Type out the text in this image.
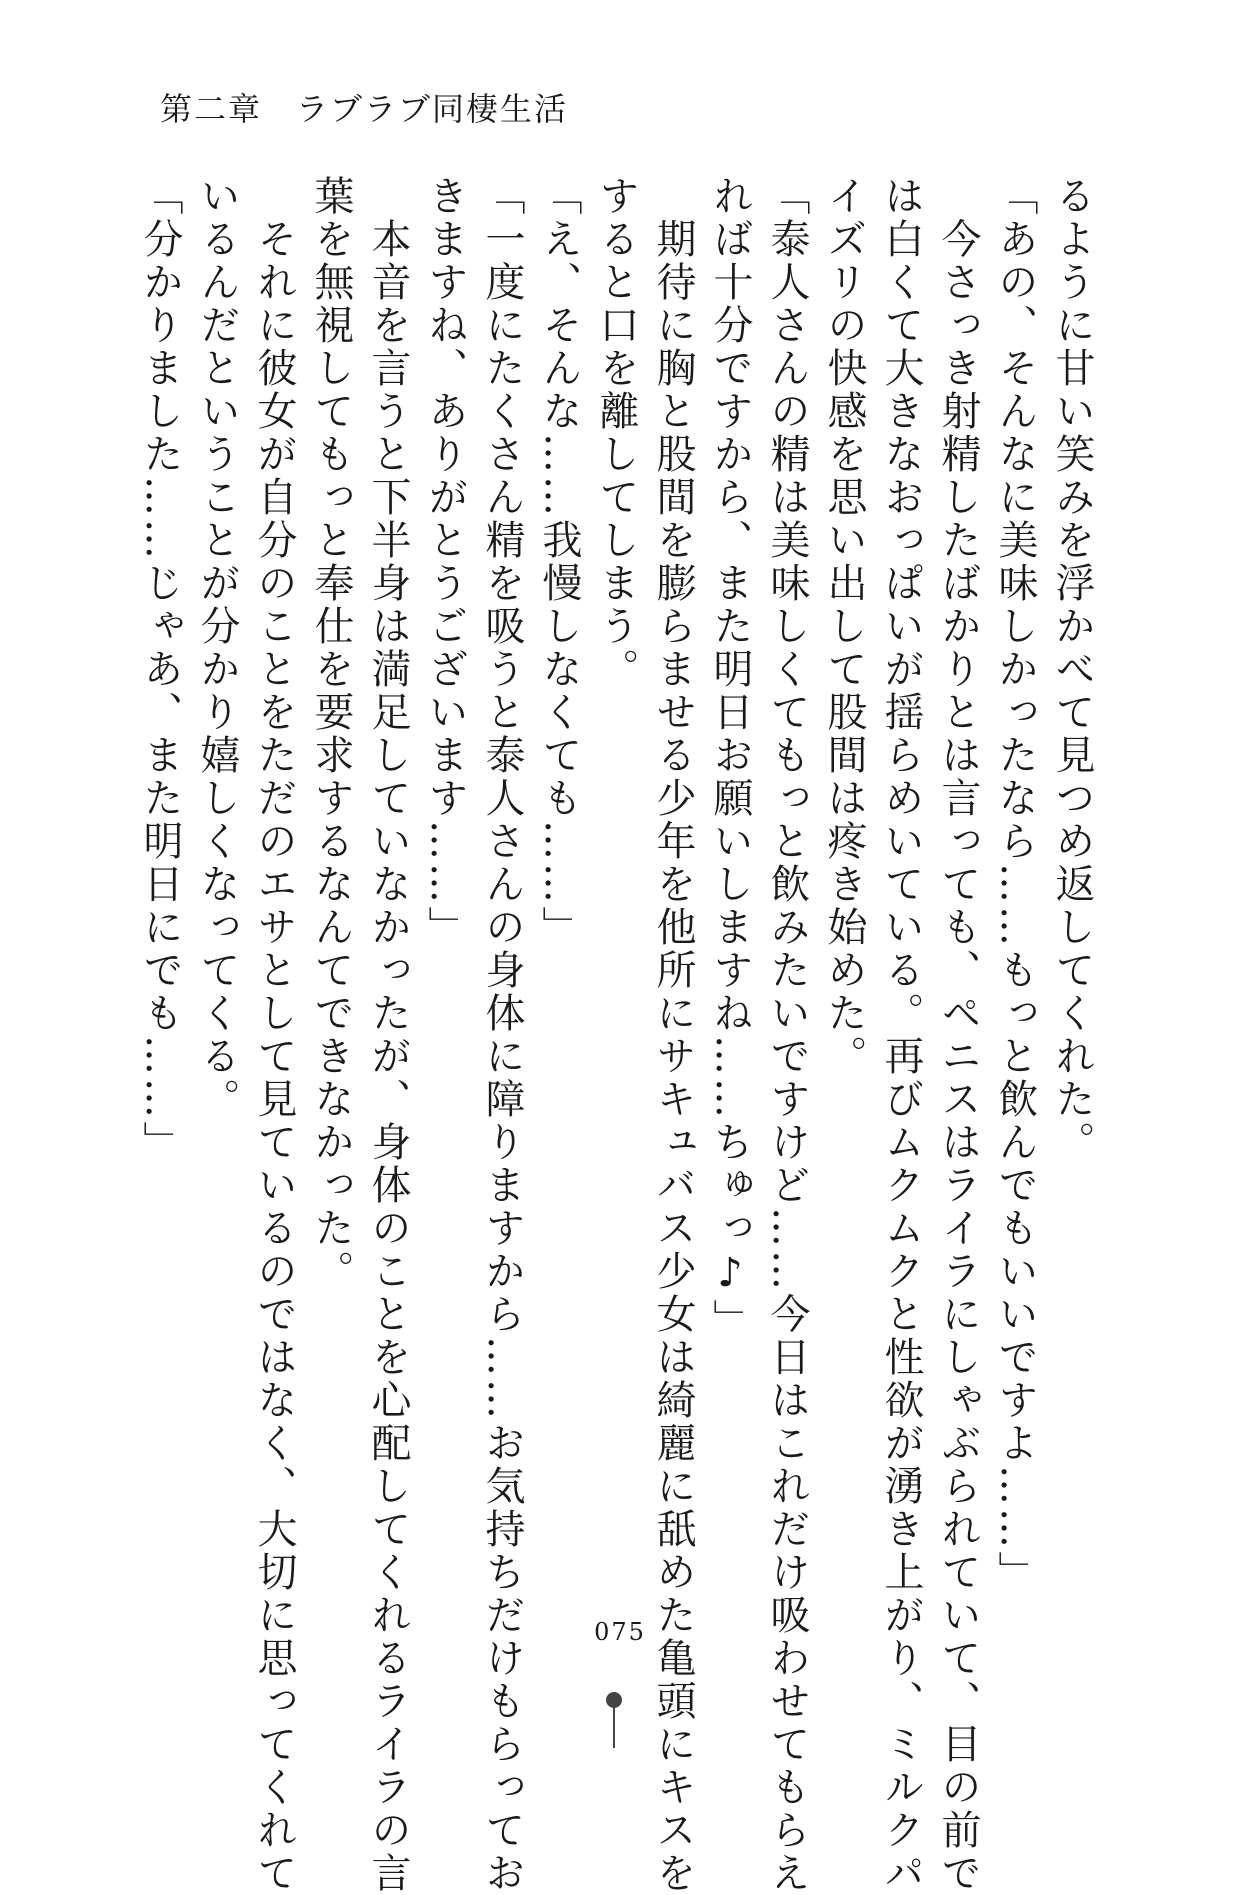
第二章　ラブラブ同棲生活
るように甘い笑みを浮かべて見つめ返してくれた。
「あの、そんなに美味しかったなら……もっと飲んでもいいですよ……」
　今さっき射精したばかりとは言っても、ペニスはライラにしゃぶられていて、目の前で
は白くて大きなおっぱいが揺らめいている。再びムクムクと性欲が湧き上がり、ミルクパ
イズリの快感を思い出して股間は疼き始めた。
「泰人さんの精は美味しくてもっと飲みたいですけど……今日はこれだけ吸わせてもらえ
れば十分ですから、また明日お願いしますね……ちゅっ♪」
　期待に胸と股間を膨らませる少年を他所にサキュバス少女は綺麗に舐めた亀頭にキスを
すると口を離してしまう。
「え、そんな……我慢しなくても……」
「一度にたくさん精を吸うと泰人さんの身体に障りますから……お気持ちだけもらってお
きますね、ありがとうございます……」
　本音を言うと下半身は満足していなかったが、身体のことを心配してくれるライラの言
葉を無視してもっと奉仕を要求するなんてできなかった。
　それに彼女が自分のことをただのエサとして見ているのではなく、大切に思ってくれて
いるんだということが分かり嬉しくなってくる。
「分かりました……じゃあ、また明日にでも……」
075
